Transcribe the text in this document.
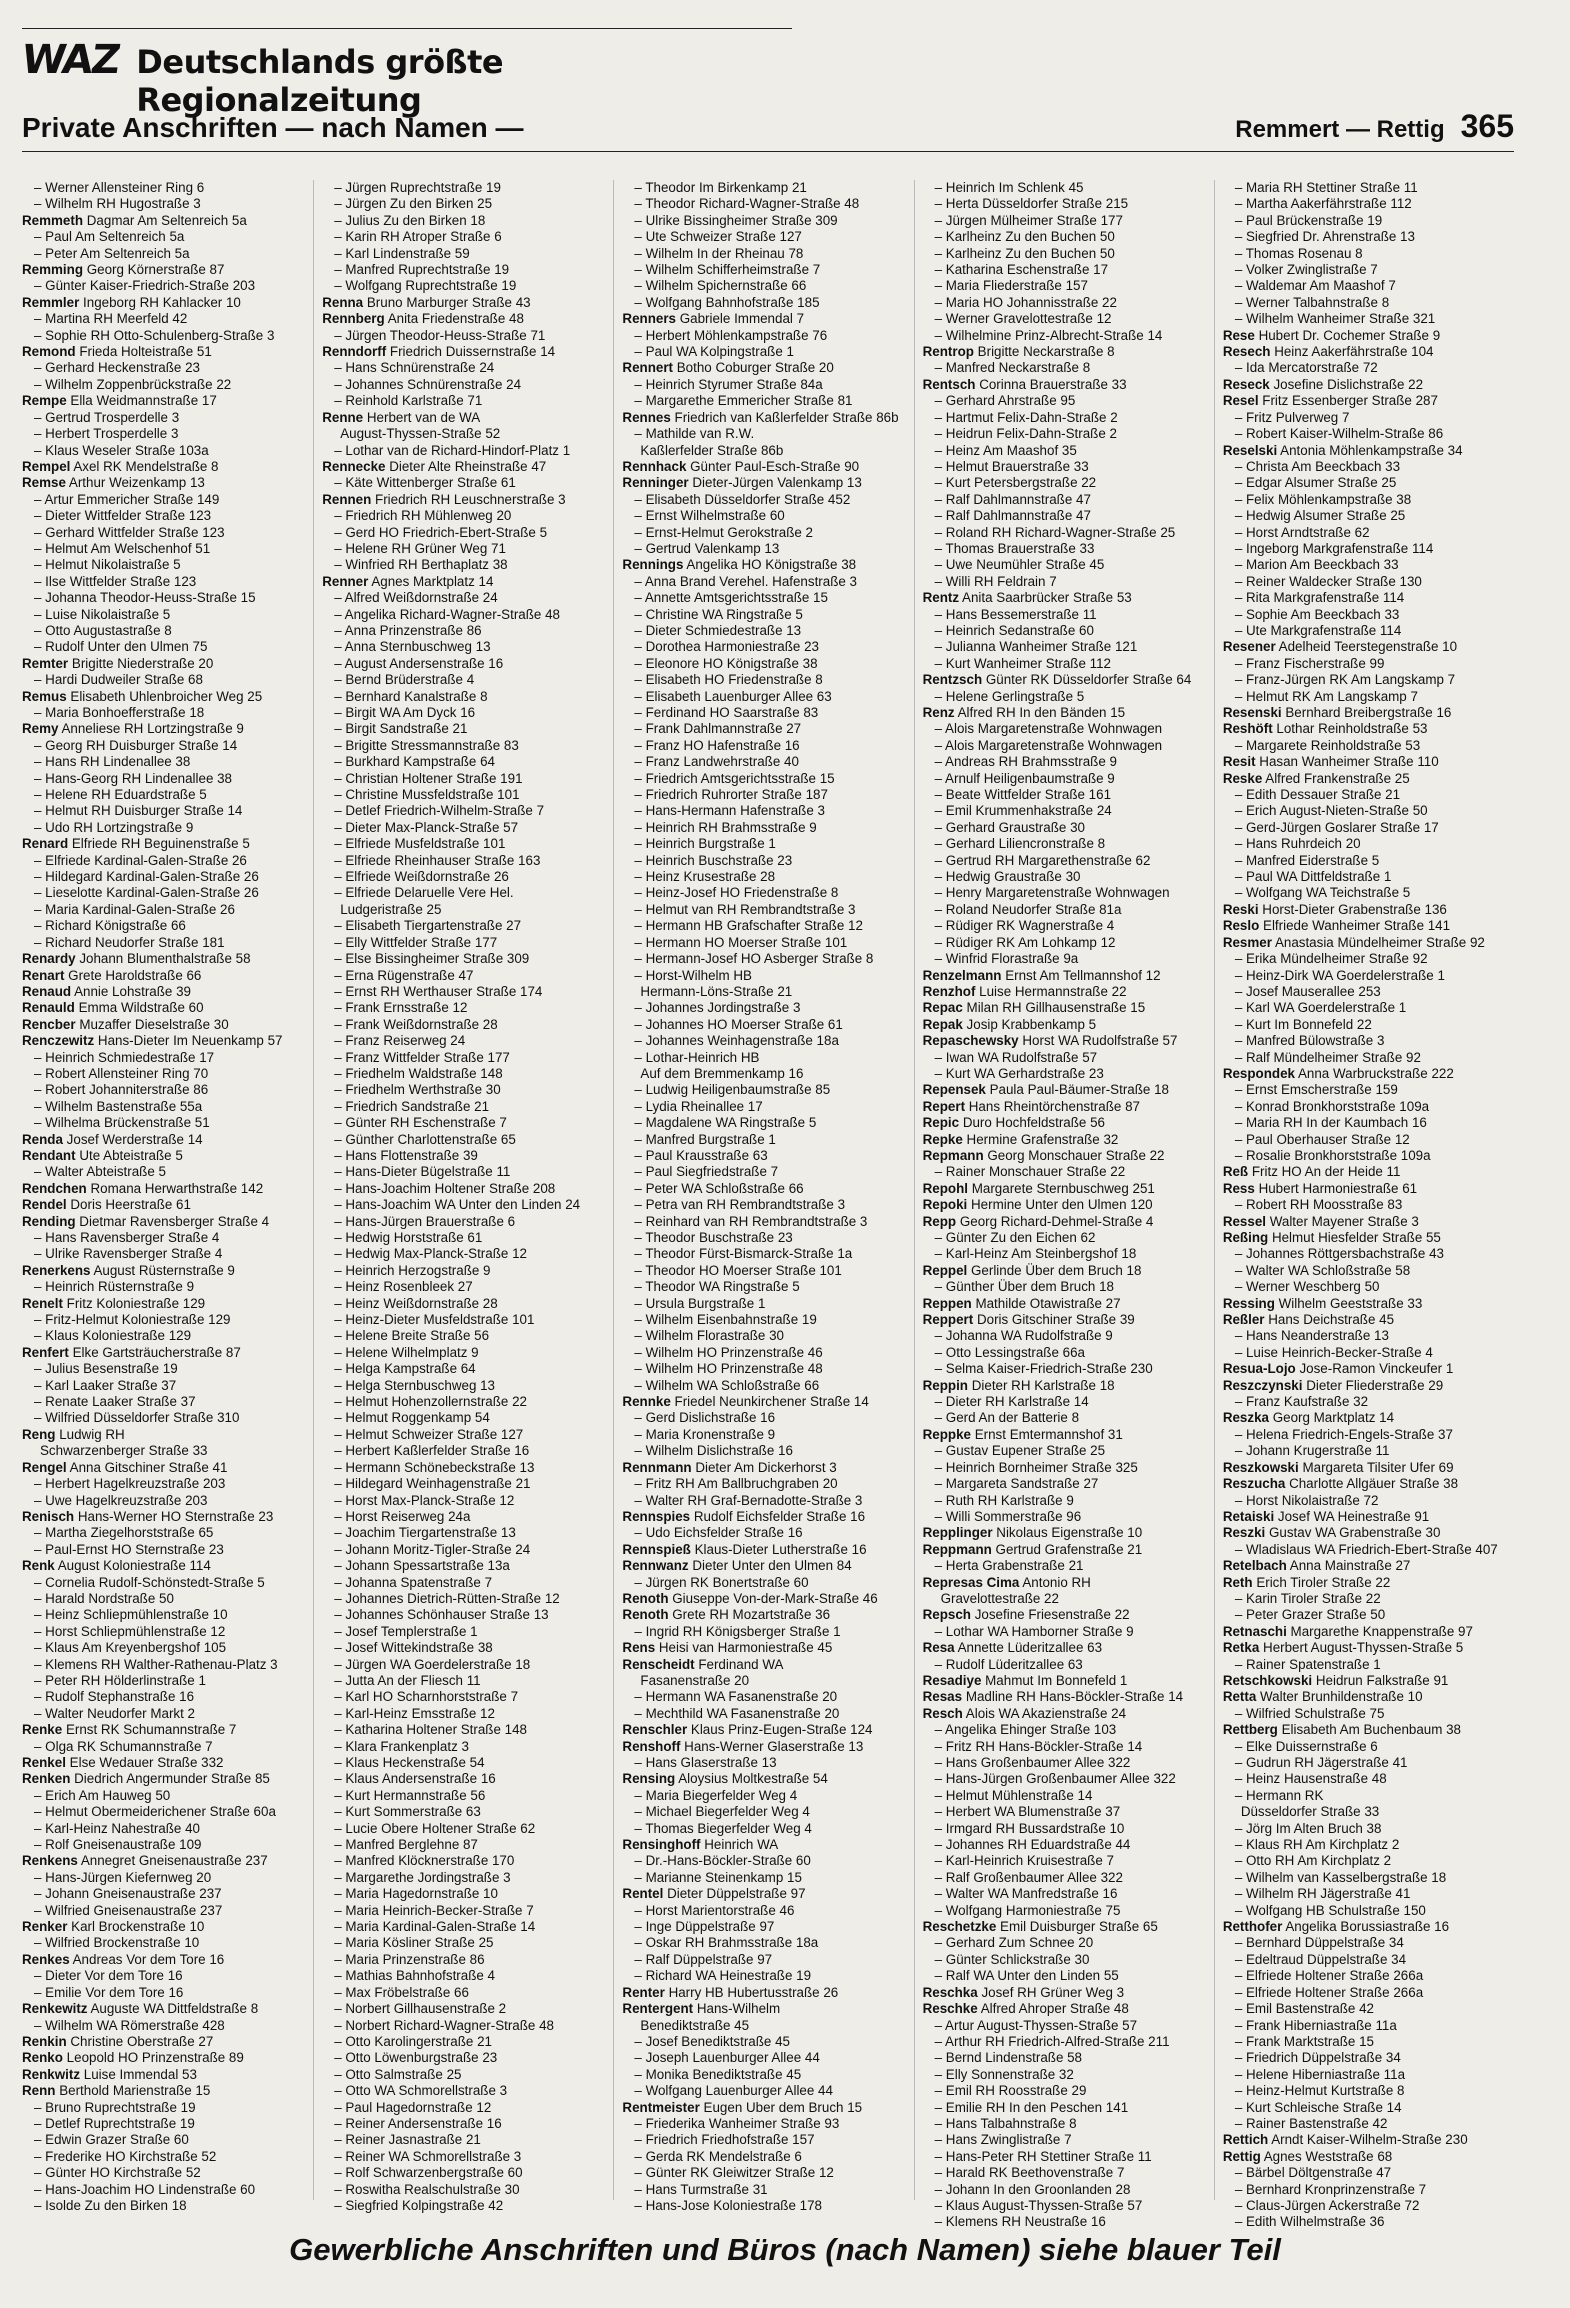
WAZ Deutschlands größte Regionalzeitung
Private Anschriften — nach Namen —	Remmert — Rettig 365
– Werner Allensteiner Ring 6
– Wilhelm RH Hugostraße 3
Remmeth Dagmar Am Seltenreich 5a
– Paul Am Seltenreich 5a
– Peter Am Seltenreich 5a
Remming Georg Körnerstraße 87
– Günter Kaiser-Friedrich-Straße 203
Remmler Ingeborg RH Kahlacker 10
– Martina RH Meerfeld 42
– Sophie RH Otto-Schulenberg-Straße 3
Remond Frieda Holteistraße 51
– Gerhard Heckenstraße 23
– Wilhelm Zoppenbrückstraße 22
Rempe Ella Weidmannstraße 17
– Gertrud Trosperdelle 3
– Herbert Trosperdelle 3
– Klaus Weseler Straße 103a
Rempel Axel RK Mendelstraße 8
Remse Arthur Weizenkamp 13
– Artur Emmericher Straße 149
– Dieter Wittfelder Straße 123
– Gerhard Wittfelder Straße 123
– Helmut Am Welschenhof 51
– Helmut Nikolaistraße 5
– Ilse Wittfelder Straße 123
– Johanna Theodor-Heuss-Straße 15
– Luise Nikolaistraße 5
– Otto Augustastraße 8
– Rudolf Unter den Ulmen 75
Remter Brigitte Niederstraße 20
– Hardi Dudweiler Straße 68
Remus Elisabeth Uhlenbroicher Weg 25
– Maria Bonhoefferstraße 18
Remy Anneliese RH Lortzingstraße 9
– Georg RH Duisburger Straße 14
– Hans RH Lindenallee 38
– Hans-Georg RH Lindenallee 38
– Helene RH Eduardstraße 5
– Helmut RH Duisburger Straße 14
– Udo RH Lortzingstraße 9
Renard Elfriede RH Beguinenstraße 5
– Elfriede Kardinal-Galen-Straße 26
– Hildegard Kardinal-Galen-Straße 26
– Lieselotte Kardinal-Galen-Straße 26
– Maria Kardinal-Galen-Straße 26
– Richard Königstraße 66
– Richard Neudorfer Straße 181
Renardy Johann Blumenthalstraße 58
Renart Grete Haroldstraße 66
Renaud Annie Lohstraße 39
Renauld Emma Wildstraße 60
Rencber Muzaffer Dieselstraße 30
Renczewitz Hans-Dieter Im Neuenkamp 57
– Heinrich Schmiedestraße 17
– Robert Allensteiner Ring 70
– Robert Johanniterstraße 86
– Wilhelm Bastenstraße 55a
– Wilhelma Brückenstraße 51
Renda Josef Werderstraße 14
Rendant Ute Abteistraße 5
– Walter Abteistraße 5
Rendchen Romana Herwarthstraße 142
Rendel Doris Heerstraße 61
Rending Dietmar Ravensberger Straße 4
– Hans Ravensberger Straße 4
– Ulrike Ravensberger Straße 4
Renerkens August Rüsternstraße 9
– Heinrich Rüsternstraße 9
Renelt Fritz Koloniestraße 129
– Fritz-Helmut Koloniestraße 129
– Klaus Koloniestraße 129
Renfert Elke Gartsträucherstraße 87
– Julius Besenstraße 19
– Karl Laaker Straße 37
– Renate Laaker Straße 37
– Wilfried Düsseldorfer Straße 310
Reng Ludwig RH
Schwarzenberger Straße 33
Rengel Anna Gitschiner Straße 41
– Herbert Hagelkreuzstraße 203
– Uwe Hagelkreuzstraße 203
Renisch Hans-Werner HO Sternstraße 23
– Martha Ziegelhorststraße 65
– Paul-Ernst HO Sternstraße 23
Renk August Koloniestraße 114
– Cornelia Rudolf-Schönstedt-Straße 5
– Harald Nordstraße 50
– Heinz Schliepmühlenstraße 10
– Horst Schliepmühlenstraße 12
– Klaus Am Kreyenbergshof 105
– Klemens RH Walther-Rathenau-Platz 3
– Peter RH Hölderlinstraße 1
– Rudolf Stephanstraße 16
– Walter Neudorfer Markt 2
Renke Ernst RK Schumannstraße 7
– Olga RK Schumannstraße 7
Renkel Else Wedauer Straße 332
Renken Diedrich Angermunder Straße 85
– Erich Am Hauweg 50
– Helmut Obermeiderichener Straße 60a
– Karl-Heinz Nahestraße 40
– Rolf Gneisenaustraße 109
Renkens Annegret Gneisenaustraße 237
– Hans-Jürgen Kiefernweg 20
– Johann Gneisenaustraße 237
– Wilfried Gneisenaustraße 237
Renker Karl Brockenstraße 10
– Wilfried Brockenstraße 10
Renkes Andreas Vor dem Tore 16
– Dieter Vor dem Tore 16
– Emilie Vor dem Tore 16
Renkewitz Auguste WA Dittfeldstraße 8
– Wilhelm WA Römerstraße 428
Renkin Christine Oberstraße 27
Renko Leopold HO Prinzenstraße 89
Renkwitz Luise Immendal 53
Renn Berthold Marienstraße 15
– Bruno Ruprechtstraße 19
– Detlef Ruprechtstraße 19
– Edwin Grazer Straße 60
– Frederike HO Kirchstraße 52
– Günter HO Kirchstraße 52
– Hans-Joachim HO Lindenstraße 60
– Isolde Zu den Birken 18
– Jürgen Ruprechtstraße 19
– Jürgen Zu den Birken 25
– Julius Zu den Birken 18
– Karin RH Atroper Straße 6
– Karl Lindenstraße 59
– Manfred Ruprechtstraße 19
– Wolfgang Ruprechtstraße 19
Renna Bruno Marburger Straße 43
Rennberg Anita Friedenstraße 48
– Jürgen Theodor-Heuss-Straße 71
Renndorff Friedrich Duissernstraße 14
– Hans Schnürenstraße 24
– Johannes Schnürenstraße 24
– Reinhold Karlstraße 71
Renne Herbert van de WA
August-Thyssen-Straße 52
– Lothar van de Richard-Hindorf-Platz 1
Rennecke Dieter Alte Rheinstraße 47
– Käte Wittenberger Straße 61
Rennen Friedrich RH Leuschnerstraße 3
– Friedrich RH Mühlenweg 20
– Gerd HO Friedrich-Ebert-Straße 5
– Helene RH Grüner Weg 71
– Winfried RH Berthaplatz 38
Renner Agnes Marktplatz 14
– Alfred Weißdornstraße 24
– Angelika Richard-Wagner-Straße 48
– Anna Prinzenstraße 86
– Anna Sternbuschweg 13
– August Andersenstraße 16
– Bernd Brüderstraße 4
– Bernhard Kanalstraße 8
– Birgit WA Am Dyck 16
– Birgit Sandstraße 21
– Brigitte Stressmannstraße 83
– Burkhard Kampstraße 64
– Christian Holtener Straße 191
– Christine Mussfeldstraße 101
– Detlef Friedrich-Wilhelm-Straße 7
– Dieter Max-Planck-Straße 57
– Elfriede Musfeldstraße 101
– Elfriede Rheinhauser Straße 163
– Elfriede Weißdornstraße 26
– Elfriede Delaruelle Vere Hel.
Ludgeristraße 25
– Elisabeth Tiergartenstraße 27
– Elly Wittfelder Straße 177
– Else Bissingheimer Straße 309
– Erna Rügenstraße 47
– Ernst RH Werthauser Straße 174
– Frank Ernsstraße 12
– Frank Weißdornstraße 28
– Franz Reiserweg 24
– Franz Wittfelder Straße 177
– Friedhelm Waldstraße 148
– Friedhelm Werthstraße 30
– Friedrich Sandstraße 21
– Günter RH Eschenstraße 7
– Günther Charlottenstraße 65
– Hans Flottenstraße 39
– Hans-Dieter Bügelstraße 11
– Hans-Joachim Holtener Straße 208
– Hans-Joachim WA Unter den Linden 24
– Hans-Jürgen Brauerstraße 6
– Hedwig Horststraße 61
– Hedwig Max-Planck-Straße 12
– Heinrich Herzogstraße 9
– Heinz Rosenbleek 27
– Heinz Weißdornstraße 28
– Heinz-Dieter Musfeldstraße 101
– Helene Breite Straße 56
– Helene Wilhelmplatz 9
– Helga Kampstraße 64
– Helga Sternbuschweg 13
– Helmut Hohenzollernstraße 22
– Helmut Roggenkamp 54
– Helmut Schweizer Straße 127
– Herbert Kaßlerfelder Straße 16
– Hermann Schönebeckstraße 13
– Hildegard Weinhagenstraße 21
– Horst Max-Planck-Straße 12
– Horst Reiserweg 24a
– Joachim Tiergartenstraße 13
– Johann Moritz-Tigler-Straße 24
– Johann Spessartstraße 13a
– Johanna Spatenstraße 7
– Johannes Dietrich-Rütten-Straße 12
– Johannes Schönhauser Straße 13
– Josef Templerstraße 1
– Josef Wittekindstraße 38
– Jürgen WA Goerdelerstraße 18
– Jutta An der Fliesch 11
– Karl HO Scharnhorststraße 7
– Karl-Heinz Emsstraße 12
– Katharina Holtener Straße 148
– Klara Frankenplatz 3
– Klaus Heckenstraße 54
– Klaus Andersenstraße 16
– Kurt Hermannstraße 56
– Kurt Sommerstraße 63
– Lucie Obere Holtener Straße 62
– Manfred Berglehne 87
– Manfred Klöcknerstraße 170
– Margarethe Jordingstraße 3
– Maria Hagedornstraße 10
– Maria Heinrich-Becker-Straße 7
– Maria Kardinal-Galen-Straße 14
– Maria Kösliner Straße 25
– Maria Prinzenstraße 86
– Mathias Bahnhofstraße 4
– Max Fröbelstraße 66
– Norbert Gillhausenstraße 2
– Norbert Richard-Wagner-Straße 48
– Otto Karolingerstraße 21
– Otto Löwenburgstraße 23
– Otto Salmstraße 25
– Otto WA Schmorellstraße 3
– Paul Hagedornstraße 12
– Reiner Andersenstraße 16
– Reiner Jasnastraße 21
– Reiner WA Schmorellstraße 3
– Rolf Schwarzenbergstraße 60
– Roswitha Realschulstraße 30
– Siegfried Kolpingstraße 42
– Theodor Im Birkenkamp 21
– Theodor Richard-Wagner-Straße 48
– Ulrike Bissingheimer Straße 309
– Ute Schweizer Straße 127
– Wilhelm In der Rheinau 78
– Wilhelm Schifferheimstraße 7
– Wilhelm Spichernstraße 66
– Wolfgang Bahnhofstraße 185
Renners Gabriele Immendal 7
– Herbert Möhlenkampstraße 76
– Paul WA Kolpingstraße 1
Rennert Botho Coburger Straße 20
– Heinrich Styrumer Straße 84a
– Margarethe Emmericher Straße 81
Rennes Friedrich van Kaßlerfelder Straße 86b
– Mathilde van R.W.
Kaßlerfelder Straße 86b
Rennhack Günter Paul-Esch-Straße 90
Renninger Dieter-Jürgen Valenkamp 13
– Elisabeth Düsseldorfer Straße 452
– Ernst Wilhelmstraße 60
– Ernst-Helmut Gerokstraße 2
– Gertrud Valenkamp 13
Rennings Angelika HO Königstraße 38
– Anna Brand Verehel. Hafenstraße 3
– Annette Amtsgerichtsstraße 15
– Christine WA Ringstraße 5
– Dieter Schmiedestraße 13
– Dorothea Harmoniestraße 23
– Eleonore HO Königstraße 38
– Elisabeth HO Friedenstraße 8
– Elisabeth Lauenburger Allee 63
– Ferdinand HO Saarstraße 83
– Frank Dahlmannstraße 27
– Franz HO Hafenstraße 16
– Franz Landwehrstraße 40
– Friedrich Amtsgerichtsstraße 15
– Friedrich Ruhrorter Straße 187
– Hans-Hermann Hafenstraße 3
– Heinrich RH Brahmsstraße 9
– Heinrich Burgstraße 1
– Heinrich Buschstraße 23
– Heinz Krusestraße 28
– Heinz-Josef HO Friedenstraße 8
– Helmut van RH Rembrandtstraße 3
– Hermann HB Grafschafter Straße 12
– Hermann HO Moerser Straße 101
– Hermann-Josef HO Asberger Straße 8
– Horst-Wilhelm HB
Hermann-Löns-Straße 21
– Johannes Jordingstraße 3
– Johannes HO Moerser Straße 61
– Johannes Weinhagenstraße 18a
– Lothar-Heinrich HB
Auf dem Bremmenkamp 16
– Ludwig Heiligenbaumstraße 85
– Lydia Rheinallee 17
– Magdalene WA Ringstraße 5
– Manfred Burgstraße 1
– Paul Krausstraße 63
– Paul Siegfriedstraße 7
– Peter WA Schloßstraße 66
– Petra van RH Rembrandtstraße 3
– Reinhard van RH Rembrandtstraße 3
– Theodor Buschstraße 23
– Theodor Fürst-Bismarck-Straße 1a
– Theodor HO Moerser Straße 101
– Theodor WA Ringstraße 5
– Ursula Burgstraße 1
– Wilhelm Eisenbahnstraße 19
– Wilhelm Florastraße 30
– Wilhelm HO Prinzenstraße 46
– Wilhelm HO Prinzenstraße 48
– Wilhelm WA Schloßstraße 66
Rennke Friedel Neunkirchener Straße 14
– Gerd Dislichstraße 16
– Maria Kronenstraße 9
– Wilhelm Dislichstraße 16
Rennmann Dieter Am Dickerhorst 3
– Fritz RH Am Ballbruchgraben 20
– Walter RH Graf-Bernadotte-Straße 3
Rennspies Rudolf Eichsfelder Straße 16
– Udo Eichsfelder Straße 16
Rennspieß Klaus-Dieter Lutherstraße 16
Rennwanz Dieter Unter den Ulmen 84
– Jürgen RK Bonertstraße 60
Renoth Giuseppe Von-der-Mark-Straße 46
Renoth Grete RH Mozartstraße 36
– Ingrid RH Königsberger Straße 1
Rens Heisi van Harmoniestraße 45
Renscheidt Ferdinand WA
Fasanenstraße 20
– Hermann WA Fasanenstraße 20
– Mechthild WA Fasanenstraße 20
Renschler Klaus Prinz-Eugen-Straße 124
Renshoff Hans-Werner Glaserstraße 13
– Hans Glaserstraße 13
Rensing Aloysius Moltkestraße 54
– Maria Biegerfelder Weg 4
– Michael Biegerfelder Weg 4
– Thomas Biegerfelder Weg 4
Rensinghoff Heinrich WA
– Dr.-Hans-Böckler-Straße 60
– Marianne Steinenkamp 15
Rentel Dieter Düppelstraße 97
– Horst Marientorstraße 46
– Inge Düppelstraße 97
– Oskar RH Brahmsstraße 18a
– Ralf Düppelstraße 97
– Richard WA Heinestraße 19
Renter Harry HB Hubertusstraße 26
Rentergent Hans-Wilhelm
Benediktstraße 45
– Josef Benediktstraße 45
– Joseph Lauenburger Allee 44
– Monika Benediktstraße 45
– Wolfgang Lauenburger Allee 44
Rentmeister Eugen Uber dem Bruch 15
– Friederika Wanheimer Straße 93
– Friedrich Friedhofstraße 157
– Gerda RK Mendelstraße 6
– Günter RK Gleiwitzer Straße 12
– Hans Turmstraße 31
– Hans-Jose Koloniestraße 178
– Heinrich Im Schlenk 45
– Herta Düsseldorfer Straße 215
– Jürgen Mülheimer Straße 177
– Karlheinz Zu den Buchen 50
– Karlheinz Zu den Buchen 50
– Katharina Eschenstraße 17
– Maria Fliederstraße 157
– Maria HO Johannisstraße 22
– Werner Gravelottestraße 12
– Wilhelmine Prinz-Albrecht-Straße 14
Rentrop Brigitte Neckarstraße 8
– Manfred Neckarstraße 8
Rentsch Corinna Brauerstraße 33
– Gerhard Ahrstraße 95
– Hartmut Felix-Dahn-Straße 2
– Heidrun Felix-Dahn-Straße 2
– Heinz Am Maashof 35
– Helmut Brauerstraße 33
– Kurt Petersbergstraße 22
– Ralf Dahlmannstraße 47
– Ralf Dahlmannstraße 47
– Roland RH Richard-Wagner-Straße 25
– Thomas Brauerstraße 33
– Uwe Neumühler Straße 45
– Willi RH Feldrain 7
Rentz Anita Saarbrücker Straße 53
– Hans Bessemerstraße 11
– Heinrich Sedanstraße 60
– Julianna Wanheimer Straße 121
– Kurt Wanheimer Straße 112
Rentzsch Günter RK Düsseldorfer Straße 64
– Helene Gerlingstraße 5
Renz Alfred RH In den Bänden 15
– Alois Margaretenstraße Wohnwagen
– Alois Margaretenstraße Wohnwagen
– Andreas RH Brahmsstraße 9
– Arnulf Heiligenbaumstraße 9
– Beate Wittfelder Straße 161
– Emil Krummenhakstraße 24
– Gerhard Graustraße 30
– Gerhard Liliencronstraße 8
– Gertrud RH Margarethenstraße 62
– Hedwig Graustraße 30
– Henry Margaretenstraße Wohnwagen
– Roland Neudorfer Straße 81a
– Rüdiger RK Wagnerstraße 4
– Rüdiger RK Am Lohkamp 12
– Winfrid Florastraße 9a
Renzelmann Ernst Am Tellmannshof 12
Renzhof Luise Hermannstraße 22
Repac Milan RH Gillhausenstraße 15
Repak Josip Krabbenkamp 5
Repaschewsky Horst WA Rudolfstraße 57
– Iwan WA Rudolfstraße 57
– Kurt WA Gerhardstraße 23
Repensek Paula Paul-Bäumer-Straße 18
Repert Hans Rheintörchenstraße 87
Repic Duro Hochfeldstraße 56
Repke Hermine Grafenstraße 32
Repmann Georg Monschauer Straße 22
– Rainer Monschauer Straße 22
Repohl Margarete Sternbuschweg 251
Repoki Hermine Unter den Ulmen 120
Repp Georg Richard-Dehmel-Straße 4
– Günter Zu den Eichen 62
– Karl-Heinz Am Steinbergshof 18
Reppel Gerlinde Über dem Bruch 18
– Günther Über dem Bruch 18
Reppen Mathilde Otawistraße 27
Reppert Doris Gitschiner Straße 39
– Johanna WA Rudolfstraße 9
– Otto Lessingstraße 66a
– Selma Kaiser-Friedrich-Straße 230
Reppin Dieter RH Karlstraße 18
– Dieter RH Karlstraße 14
– Gerd An der Batterie 8
Reppke Ernst Emtermannshof 31
– Gustav Eupener Straße 25
– Heinrich Bornheimer Straße 325
– Margareta Sandstraße 27
– Ruth RH Karlstraße 9
– Willi Sommerstraße 96
Repplinger Nikolaus Eigenstraße 10
Reppmann Gertrud Grafenstraße 21
– Herta Grabenstraße 21
Represas Cima Antonio RH
Gravelottestraße 22
Repsch Josefine Friesenstraße 22
– Lothar WA Hamborner Straße 9
Resa Annette Lüderitzallee 63
– Rudolf Lüderitzallee 63
Resadiye Mahmut Im Bonnefeld 1
Resas Madline RH Hans-Böckler-Straße 14
Resch Alois WA Akazienstraße 24
– Angelika Ehinger Straße 103
– Fritz RH Hans-Böckler-Straße 14
– Hans Großenbaumer Allee 322
– Hans-Jürgen Großenbaumer Allee 322
– Helmut Mühlenstraße 14
– Herbert WA Blumenstraße 37
– Irmgard RH Bussardstraße 10
– Johannes RH Eduardstraße 44
– Karl-Heinrich Kruisestraße 7
– Ralf Großenbaumer Allee 322
– Walter WA Manfredstraße 16
– Wolfgang Harmoniestraße 75
Reschetzke Emil Duisburger Straße 65
– Gerhard Zum Schnee 20
– Günter Schlickstraße 30
– Ralf WA Unter den Linden 55
Reschka Josef RH Grüner Weg 3
Reschke Alfred Ahroper Straße 48
– Artur August-Thyssen-Straße 57
– Arthur RH Friedrich-Alfred-Straße 211
– Bernd Lindenstraße 58
– Elly Sonnenstraße 32
– Emil RH Roosstraße 29
– Emilie RH In den Peschen 141
– Hans Talbahnstraße 8
– Hans Zwinglistraße 7
– Hans-Peter RH Stettiner Straße 11
– Harald RK Beethovenstraße 7
– Johann In den Groonlanden 28
– Klaus August-Thyssen-Straße 57
– Klemens RH Neustraße 16
– Maria RH Stettiner Straße 11
– Martha Aakerfährstraße 112
– Paul Brückenstraße 19
– Siegfried Dr. Ahrenstraße 13
– Thomas Rosenau 8
– Volker Zwinglistraße 7
– Waldemar Am Maashof 7
– Werner Talbahnstraße 8
– Wilhelm Wanheimer Straße 321
Rese Hubert Dr. Cochemer Straße 9
Resech Heinz Aakerfährstraße 104
– Ida Mercatorstraße 72
Reseck Josefine Dislichstraße 22
Resel Fritz Essenberger Straße 287
– Fritz Pulverweg 7
– Robert Kaiser-Wilhelm-Straße 86
Reselski Antonia Möhlenkampstraße 34
– Christa Am Beeckbach 33
– Edgar Alsumer Straße 25
– Felix Möhlenkampstraße 38
– Hedwig Alsumer Straße 25
– Horst Arndtstraße 62
– Ingeborg Markgrafenstraße 114
– Marion Am Beeckbach 33
– Reiner Waldecker Straße 130
– Rita Markgrafenstraße 114
– Sophie Am Beeckbach 33
– Ute Markgrafenstraße 114
Resener Adelheid Teerstegenstraße 10
– Franz Fischerstraße 99
– Franz-Jürgen RK Am Langskamp 7
– Helmut RK Am Langskamp 7
Resenski Bernhard Breibergstraße 16
Reshöft Lothar Reinholdstraße 53
– Margarete Reinholdstraße 53
Resit Hasan Wanheimer Straße 110
Reske Alfred Frankenstraße 25
– Edith Dessauer Straße 21
– Erich August-Nieten-Straße 50
– Gerd-Jürgen Goslarer Straße 17
– Hans Ruhrdeich 20
– Manfred Eiderstraße 5
– Paul WA Dittfeldstraße 1
– Wolfgang WA Teichstraße 5
Reski Horst-Dieter Grabenstraße 136
Reslo Elfriede Wanheimer Straße 141
Resmer Anastasia Mündelheimer Straße 92
– Erika Mündelheimer Straße 92
– Heinz-Dirk WA Goerdelerstraße 1
– Josef Mauserallee 253
– Karl WA Goerdelerstraße 1
– Kurt Im Bonnefeld 22
– Manfred Bülowstraße 3
– Ralf Mündelheimer Straße 92
Respondek Anna Warbruckstraße 222
– Ernst Emscherstraße 159
– Konrad Bronkhorststraße 109a
– Maria RH In der Kaumbach 16
– Paul Oberhauser Straße 12
– Rosalie Bronkhorststraße 109a
Reß Fritz HO An der Heide 11
Ress Hubert Harmoniestraße 61
– Robert RH Moosstraße 83
Ressel Walter Mayener Straße 3
Reßing Helmut Hiesfelder Straße 55
– Johannes Röttgersbachstraße 43
– Walter WA Schloßstraße 58
– Werner Weschberg 50
Ressing Wilhelm Geeststraße 33
Reßler Hans Deichstraße 45
– Hans Neanderstraße 13
– Luise Heinrich-Becker-Straße 4
Resua-Lojo Jose-Ramon Vinckeufer 1
Reszczynski Dieter Fliederstraße 29
– Franz Kaufstraße 32
Reszka Georg Marktplatz 14
– Helena Friedrich-Engels-Straße 37
– Johann Krugerstraße 11
Reszkowski Margareta Tilsiter Ufer 69
Reszucha Charlotte Allgäuer Straße 38
– Horst Nikolaistraße 72
Retaiski Josef WA Heinestraße 91
Reszki Gustav WA Grabenstraße 30
– Wladislaus WA Friedrich-Ebert-Straße 407
Retelbach Anna Mainstraße 27
Reth Erich Tiroler Straße 22
– Karin Tiroler Straße 22
– Peter Grazer Straße 50
Retnaschi Margarethe Knappenstraße 97
Retka Herbert August-Thyssen-Straße 5
– Rainer Spatenstraße 1
Retschkowski Heidrun Falkstraße 91
Retta Walter Brunhildenstraße 10
– Wilfried Schulstraße 75
Rettberg Elisabeth Am Buchenbaum 38
– Elke Duissernstraße 6
– Gudrun RH Jägerstraße 41
– Heinz Hausenstraße 48
– Hermann RK
Düsseldorfer Straße 33
– Jörg Im Alten Bruch 38
– Klaus RH Am Kirchplatz 2
– Otto RH Am Kirchplatz 2
– Wilhelm van Kasselbergstraße 18
– Wilhelm RH Jägerstraße 41
– Wolfgang HB Schulstraße 150
Retthofer Angelika Borussiastraße 16
– Bernhard Düppelstraße 34
– Edeltraud Düppelstraße 34
– Elfriede Holtener Straße 266a
– Elfriede Holtener Straße 266a
– Emil Bastenstraße 42
– Frank Hiberniastraße 11a
– Frank Marktstraße 15
– Friedrich Düppelstraße 34
– Helene Hiberniastraße 11a
– Heinz-Helmut Kurtstraße 8
– Kurt Schleische Straße 14
– Rainer Bastenstraße 42
Rettich Arndt Kaiser-Wilhelm-Straße 230
Rettig Agnes Weststraße 68
– Bärbel Döltgenstraße 47
– Bernhard Kronprinzenstraße 7
– Claus-Jürgen Ackerstraße 72
– Edith Wilhelmstraße 36
Gewerbliche Anschriften und Büros (nach Namen) siehe blauer Teil
